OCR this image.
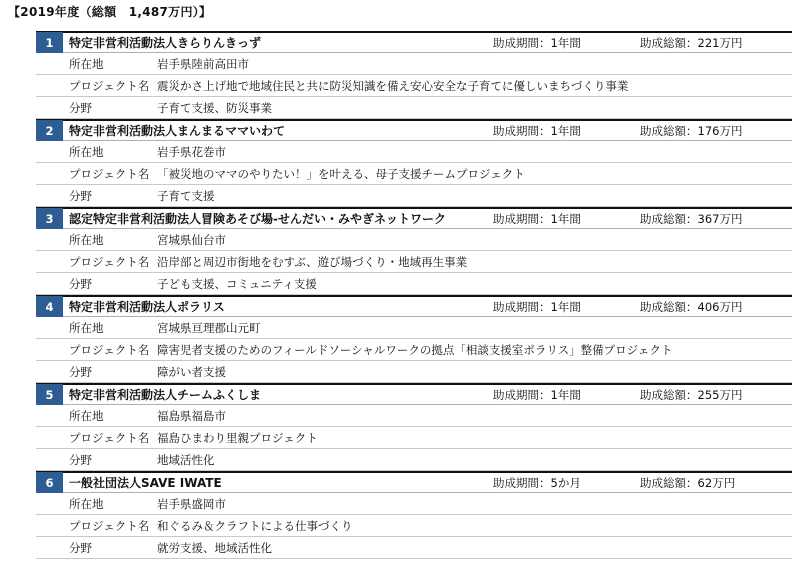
【2019年度（総額　1,487万円）】
1	特定非営利活動法人きらりんきっず	助成期間：1年間	助成総額：221万円
所在地	岩手県陸前高田市
プロジェクト名 震災かさ上げ地で地域住民と共に防災知識を備え安心安全な子育てに優しいまちづくり事業
分野	子育て支援、防災事業
2	特定非営利活動法人まんまるママいわて	助成期間：1年間	助成総額：176万円
所在地	岩手県花巻市
プロジェクト名 「被災地のママのやりたい！」を叶える、母子支援チームプロジェクト
分野	子育て支援
3	認定特定非営利活動法人冒険あそび場‐せんだい・みやぎネットワーク	助成期間：1年間	助成総額：367万円
所在地	宮城県仙台市
プロジェクト名 沿岸部と周辺市街地をむすぶ、遊び場づくり・地域再生事業
分野	子ども支援、コミュニティ支援
4	特定非営利活動法人ポラリス	助成期間：1年間	助成総額：406万円
所在地	宮城県亘理郡山元町
プロジェクト名 障害児者支援のためのフィールドソーシャルワークの拠点「相談支援室ポラリス」整備プロジェクト
分野	障がい者支援
5	特定非営利活動法人チームふくしま	助成期間：1年間	助成総額：255万円
所在地	福島県福島市
プロジェクト名 福島ひまわり里親プロジェクト
分野	地域活性化
6	一般社団法人SAVE IWATE	助成期間：5か月	助成総額：62万円
所在地	岩手県盛岡市
プロジェクト名 和ぐるみ＆クラフトによる仕事づくり
分野	就労支援、地域活性化
